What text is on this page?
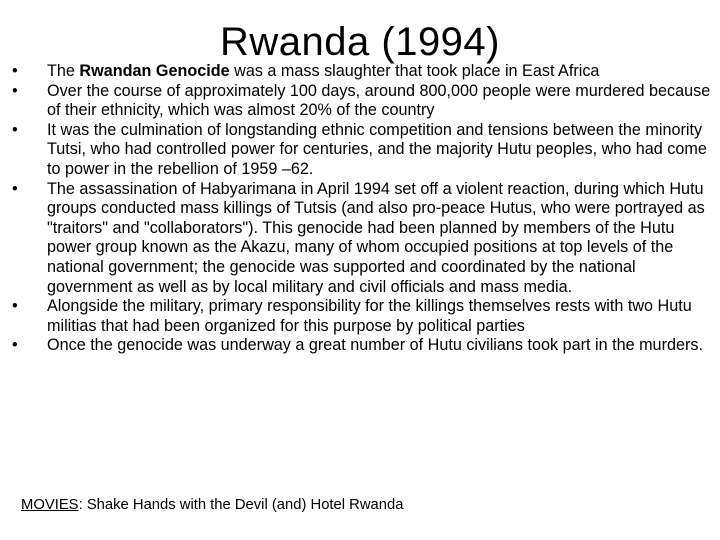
Rwanda (1994)
• The Rwandan Genocide was a mass slaughter that took place in East Africa
• Over the course of approximately 100 days, around 800,000 people were murdered because of their ethnicity, which was almost 20% of the country
• It was the culmination of longstanding ethnic competition and tensions between the minority Tutsi, who had controlled power for centuries, and the majority Hutu peoples, who had come to power in the rebellion of 1959 –62.
• The assassination of Habyarimana in April 1994 set off a violent reaction, during which Hutu groups conducted mass killings of Tutsis (and also pro-peace Hutus, who were portrayed as "traitors" and "collaborators"). This genocide had been planned by members of the Hutu power group known as the Akazu, many of whom occupied positions at top levels of the national government; the genocide was supported and coordinated by the national government as well as by local military and civil officials and mass media.
• Alongside the military, primary responsibility for the killings themselves rests with two Hutu militias that had been organized for this purpose by political parties
• Once the genocide was underway a great number of Hutu civilians took part in the murders.
MOVIES: Shake Hands with the Devil (and) Hotel Rwanda
